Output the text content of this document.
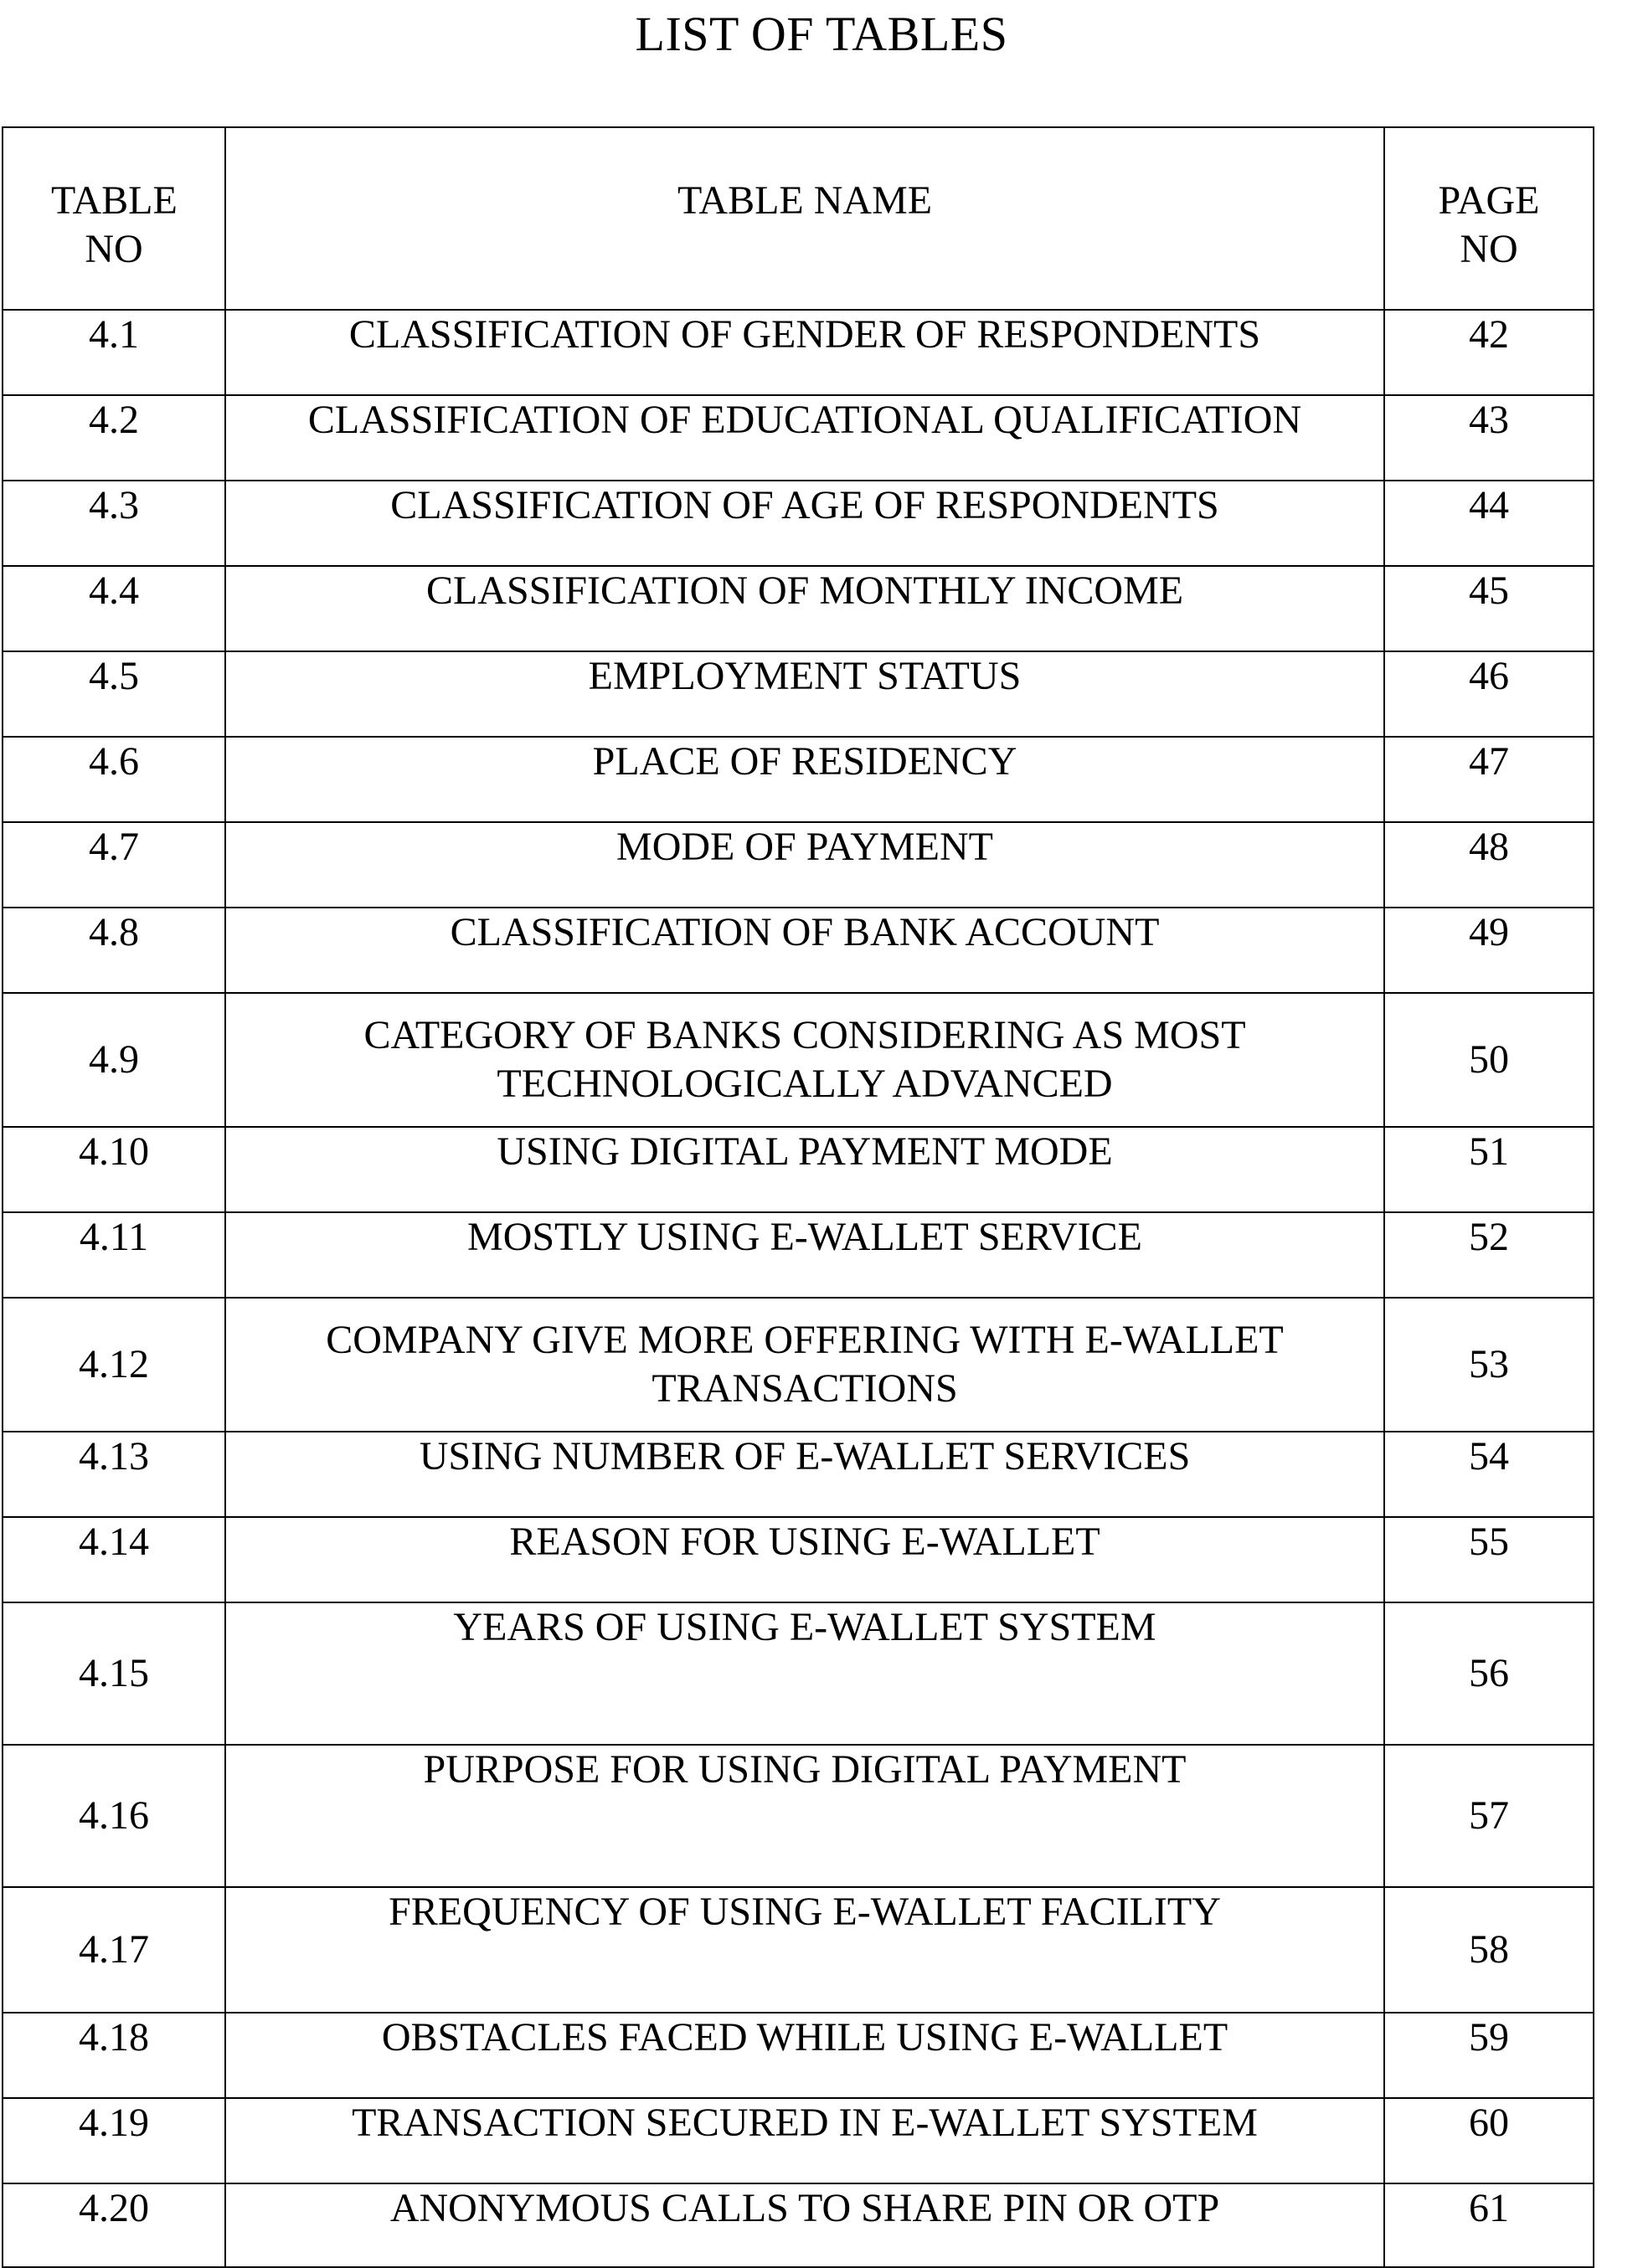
LIST OF TABLES
TABLE NO	TABLE NAME	PAGE NO
4.1	CLASSIFICATION OF GENDER OF RESPONDENTS	42
4.2	CLASSIFICATION OF EDUCATIONAL QUALIFICATION	43
4.3	CLASSIFICATION OF AGE OF RESPONDENTS	44
4.4	CLASSIFICATION OF MONTHLY INCOME	45
4.5	EMPLOYMENT STATUS	46
4.6	PLACE OF RESIDENCY	47
4.7	MODE OF PAYMENT	48
4.8	CLASSIFICATION OF BANK ACCOUNT	49
4.9	CATEGORY OF BANKS CONSIDERING AS MOST TECHNOLOGICALLY ADVANCED	50
4.10	USING DIGITAL PAYMENT MODE	51
4.11	MOSTLY USING E-WALLET SERVICE	52
4.12	COMPANY GIVE MORE OFFERING WITH E-WALLET TRANSACTIONS	53
4.13	USING NUMBER OF E-WALLET SERVICES	54
4.14	REASON FOR USING E-WALLET	55
4.15	YEARS OF USING E-WALLET SYSTEM	56
4.16	PURPOSE FOR USING DIGITAL PAYMENT	57
4.17	FREQUENCY OF USING E-WALLET FACILITY	58
4.18	OBSTACLES FACED WHILE USING E-WALLET	59
4.19	TRANSACTION SECURED IN E-WALLET SYSTEM	60
4.20	ANONYMOUS CALLS TO SHARE PIN OR OTP	61
